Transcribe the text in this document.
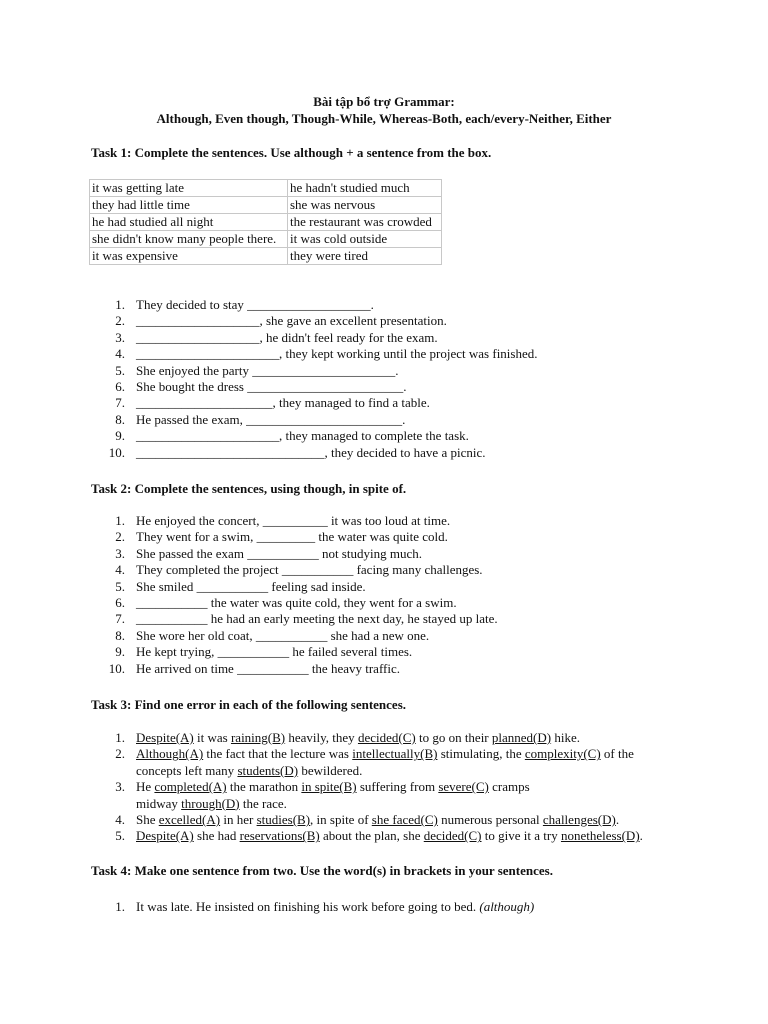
Bài tập bổ trợ Grammar:
Although, Even though, Though-While, Whereas-Both, each/every-Neither, Either
Task 1: Complete the sentences. Use although + a sentence from the box.
it was getting late	he hadn't studied much
they had little time	she was nervous
he had studied all night	the restaurant was crowded
she didn't know many people there.	it was cold outside
it was expensive	they were tired
1. They decided to stay ___________________.
2. ___________________, she gave an excellent presentation.
3. ___________________, he didn't feel ready for the exam.
4. ______________________, they kept working until the project was finished.
5. She enjoyed the party ______________________.
6. She bought the dress ________________________.
7. _____________________, they managed to find a table.
8. He passed the exam, ________________________.
9. ______________________, they managed to complete the task.
10. _____________________________, they decided to have a picnic.
Task 2: Complete the sentences, using though, in spite of.
1. He enjoyed the concert, __________ it was too loud at time.
2. They went for a swim, _________ the water was quite cold.
3. She passed the exam ___________ not studying much.
4. They completed the project ___________ facing many challenges.
5. She smiled ___________ feeling sad inside.
6. ___________ the water was quite cold, they went for a swim.
7. ___________ he had an early meeting the next day, he stayed up late.
8. She wore her old coat, ___________ she had a new one.
9. He kept trying, ___________ he failed several times.
10. He arrived on time ___________ the heavy traffic.
Task 3: Find one error in each of the following sentences.
1. Despite(A) it was raining(B) heavily, they decided(C) to go on their planned(D) hike.
2. Although(A) the fact that the lecture was intellectually(B) stimulating, the complexity(C) of the
concepts left many students(D) bewildered.
3. He completed(A) the marathon in spite(B) suffering from severe(C) cramps
midway through(D) the race.
4. She excelled(A) in her studies(B), in spite of she faced(C) numerous personal challenges(D).
5. Despite(A) she had reservations(B) about the plan, she decided(C) to give it a try nonetheless(D).
Task 4: Make one sentence from two. Use the word(s) in brackets in your sentences.
1. It was late. He insisted on finishing his work before going to bed. (although)
